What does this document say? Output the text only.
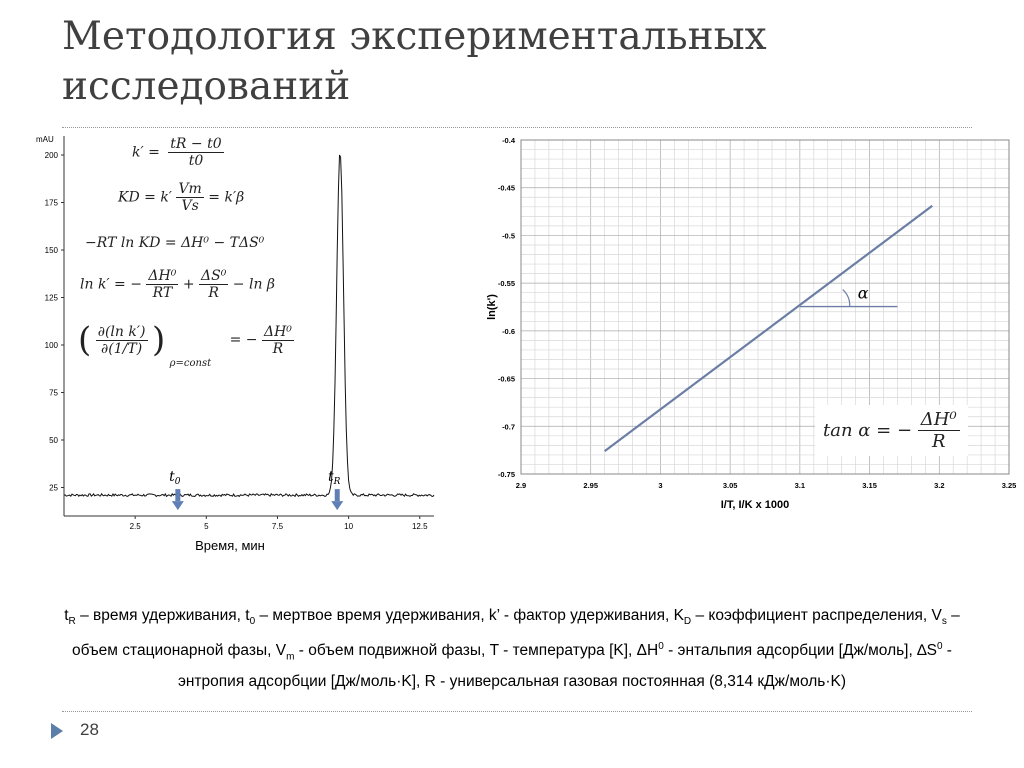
Методология экспериментальных исследований
200
175
150
125
100
75
50
25
2.5	5	7.5	10	12.5
$t_0$	$t_R$
mAU
Время, мин
$k' = \frac{tR - t0}{t0}$
KD = $k' \frac{Vm}{Vs} = k'\beta$
−RT ln KD = ΔH⁰ − TΔS⁰
ln k′ = − $\frac{\text{ΔH⁰}}{RT} + \frac{\text{ΔS⁰}}{R} - \ln \beta$
( $\frac{\text{∂(ln k′)}}{\partial(1/T)}$ ) $_{\rho=const}$ = − $\frac{\text{ΔH⁰}}{R}$
-0.4
-0.45
-0.5
-0.55
-0.6
-0.65
-0.7
-0.75
2.9	2.95	3	3.05	3.1	3.15	3.2	3.25
I/T, I/K x 1000
ln(k')
α
tan α = − $\frac{\text{ΔH⁰}}{R}$
$t_R$ – время удерживания, $t_0$ – мертвое время удерживания, k’ - фактор удерживания, $K_D$ – коэффициент распределения, $V_s$ – объем стационарной фазы, $V_m$ - объем подвижной фазы, T - температура [K], $\Delta H^0$ - энтальпия адсорбции [Дж/моль], $\Delta S^0$ - энтропия адсорбции [Дж/моль·K], R - универсальная газовая постоянная (8,314 кДж/моль·K)
28
